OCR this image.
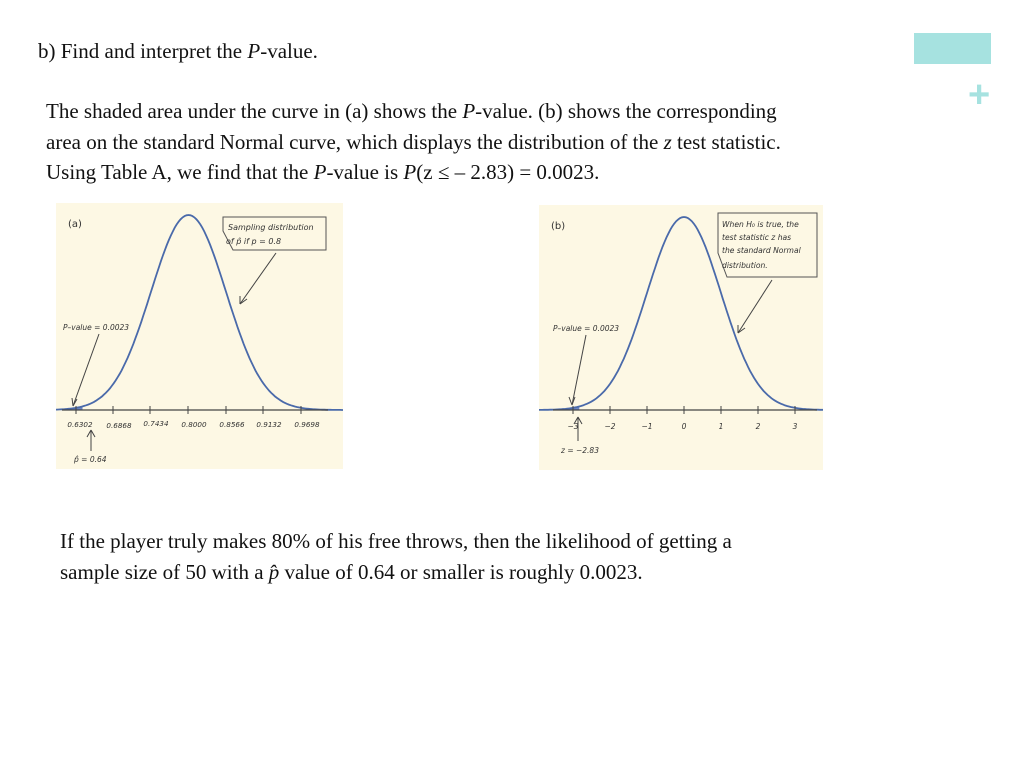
+
b) Find and interpret the P-value.
The shaded area under the curve in (a) shows the P-value. (b) shows the corresponding
area on the standard Normal curve, which displays the distribution of the z test statistic.
Using Table A, we find that the P-value is P(z ≤ – 2.83) = 0.0023.
(a)
0.6302 0.6868 0.7434 0.8000 0.8566 0.9132 0.9698
Sampling distribution
of p̂ if p = 0.8
P–value = 0.0023
p̂ = 0.64
(b)
−3	−2	−1	0	1	2	3
When H₀ is true, the
test statistic z has
the standard Normal
distribution.
P–value = 0.0023
z = −2.83
If the player truly makes 80% of his free throws, then the likelihood of getting a
sample size of 50 with a p̂ value of 0.64 or smaller is roughly 0.0023.
